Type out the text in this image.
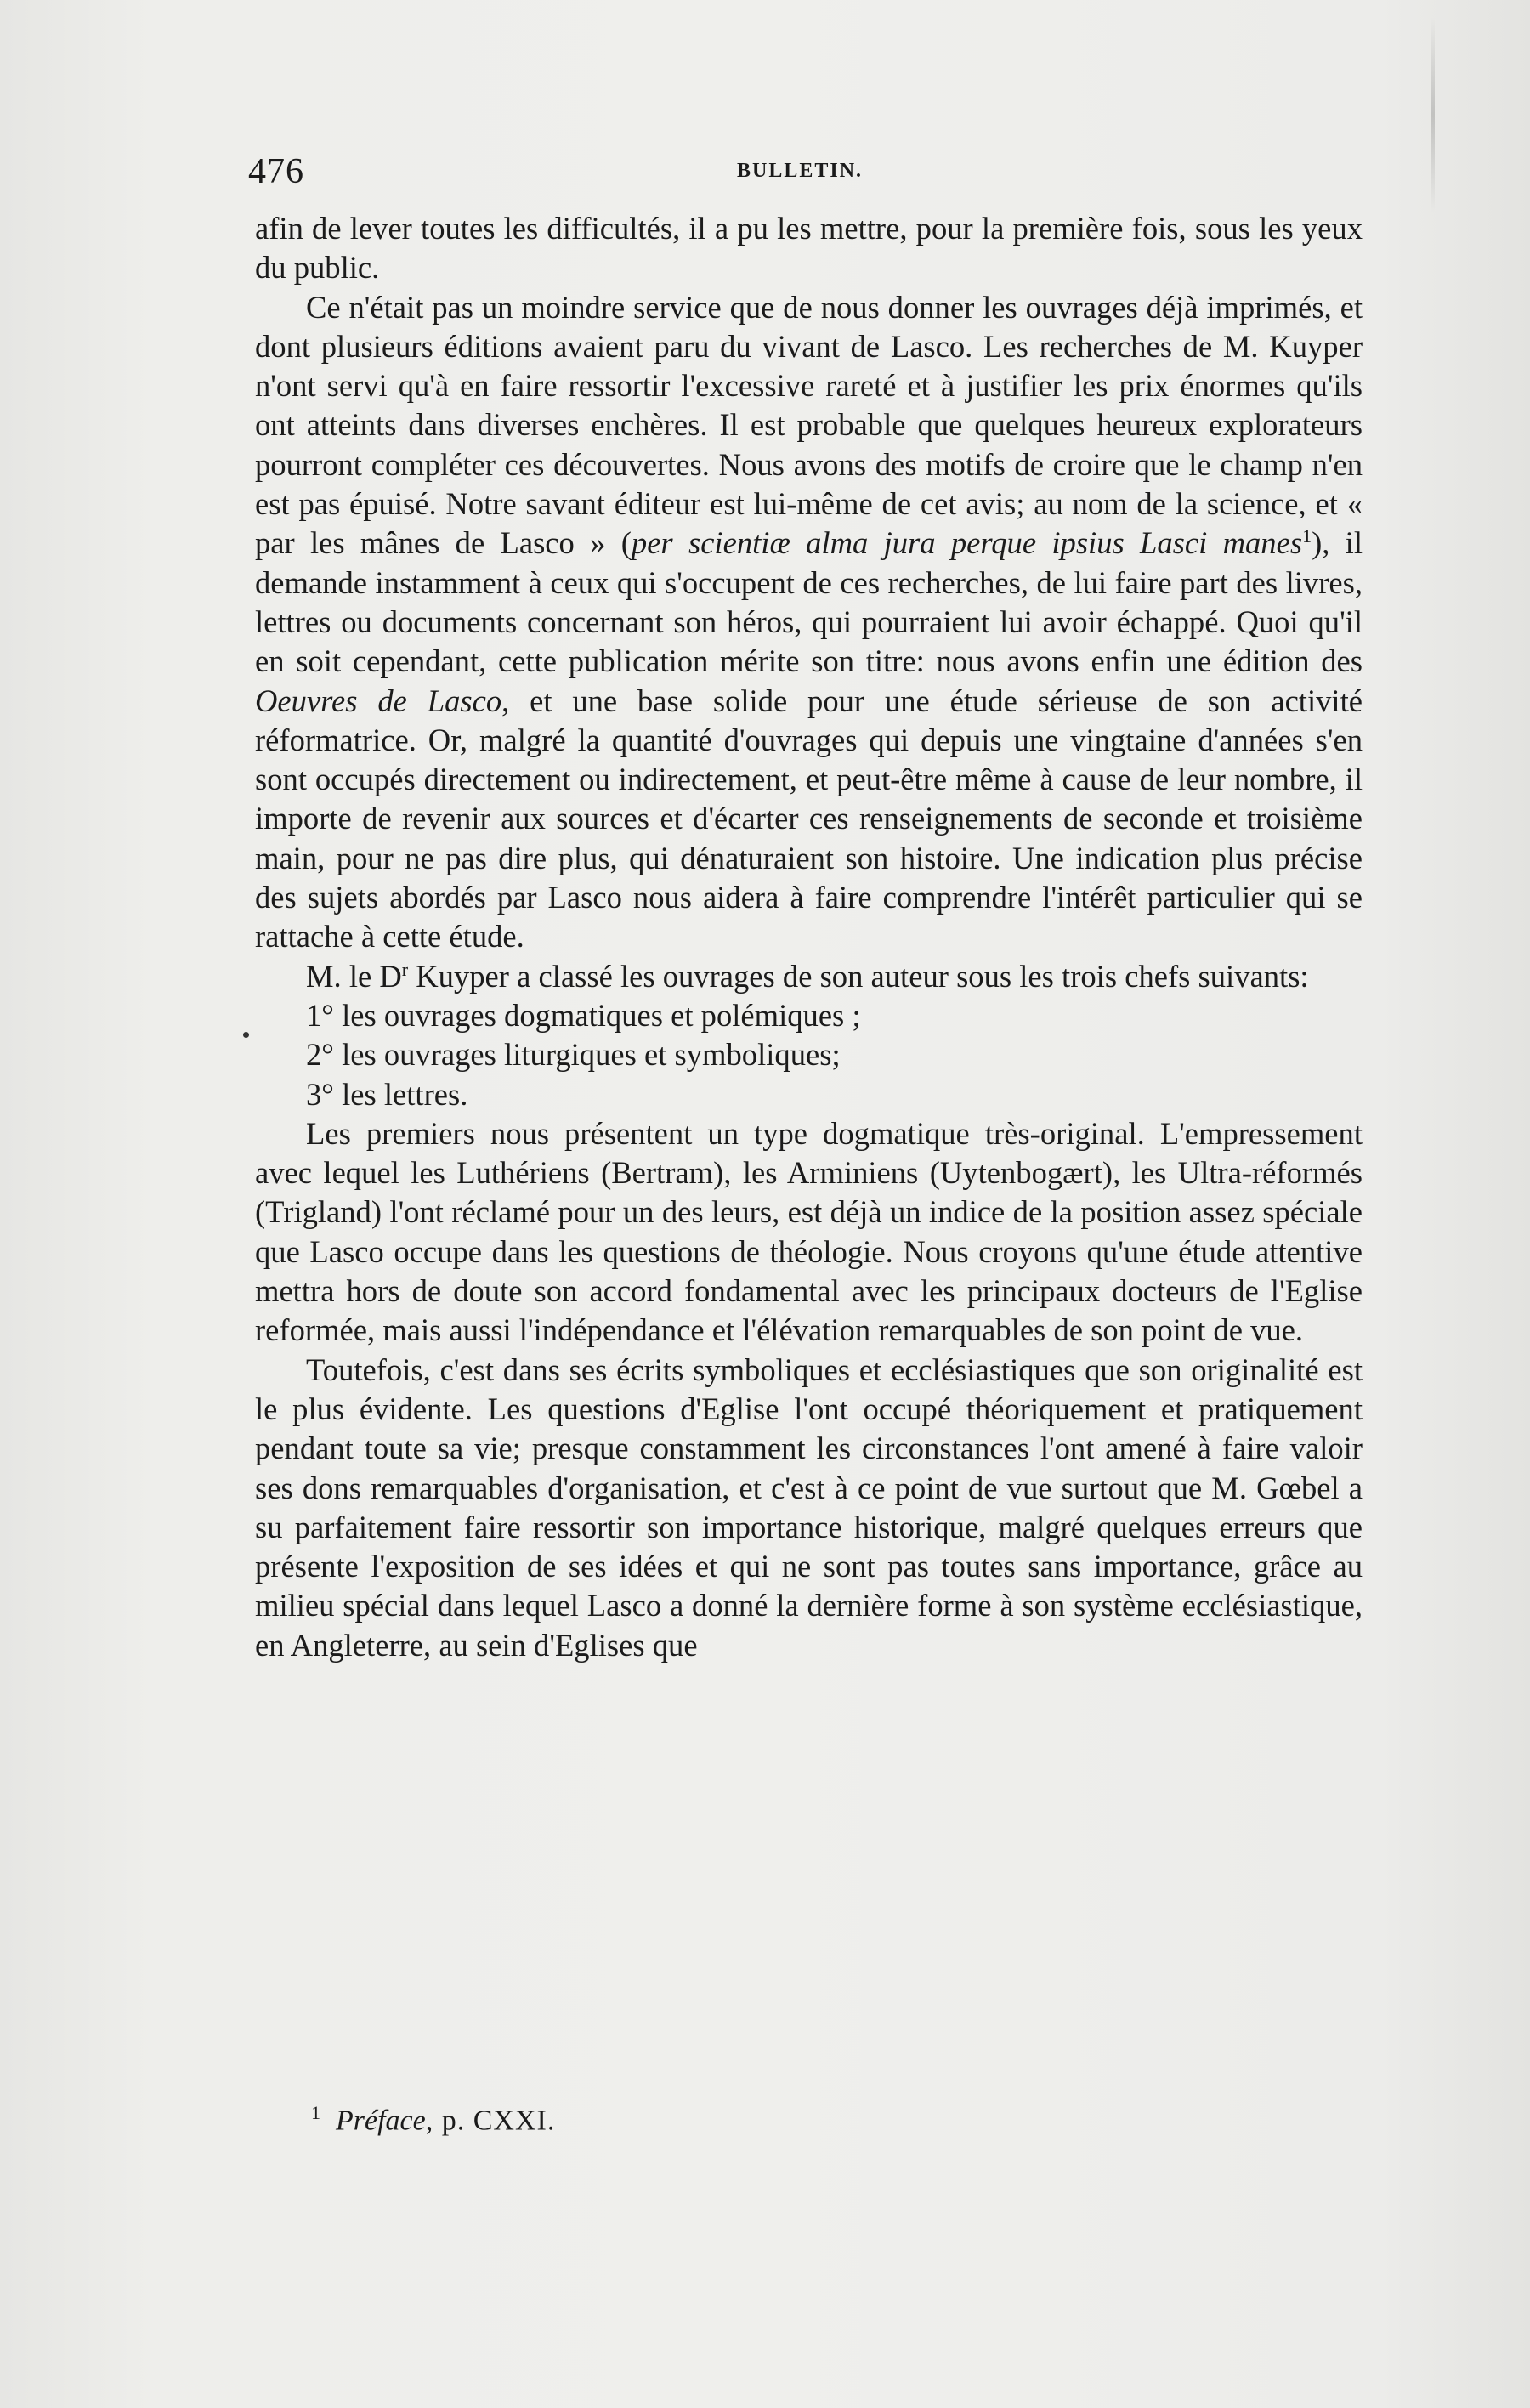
476	BULLETIN.

afin de lever toutes les difficultés, il a pu les mettre, pour la première fois, sous les yeux du public.

Ce n'était pas un moindre service que de nous donner les ouvrages déjà imprimés, et dont plusieurs éditions avaient paru du vivant de Lasco. Les recherches de M. Kuyper n'ont servi qu'à en faire ressortir l'excessive rareté et à justifier les prix énormes qu'ils ont atteints dans diverses enchères. Il est probable que quelques heureux explorateurs pourront compléter ces découvertes. Nous avons des motifs de croire que le champ n'en est pas épuisé. Notre savant éditeur est lui-même de cet avis; au nom de la science, et « par les mânes de Lasco » (per scientiæ alma jura perque ipsius Lasci manes$^1$), il demande instamment à ceux qui s'occupent de ces recherches, de lui faire part des livres, lettres ou documents concernant son héros, qui pourraient lui avoir échappé. Quoi qu'il en soit cependant, cette publication mérite son titre: nous avons enfin une édition des Oeuvres de Lasco, et une base solide pour une étude sérieuse de son activité réformatrice. Or, malgré la quantité d'ouvrages qui depuis une vingtaine d'années s'en sont occupés directement ou indirectement, et peut-être même à cause de leur nombre, il importe de revenir aux sources et d'écarter ces renseignements de seconde et troisième main, pour ne pas dire plus, qui dénaturaient son histoire. Une indication plus précise des sujets abordés par Lasco nous aidera à faire comprendre l'intérêt particulier qui se rattache à cette étude.

M. le $D^r$ Kuyper a classé les ouvrages de son auteur sous les trois chefs suivants:

1° les ouvrages dogmatiques et polémiques ;

2° les ouvrages liturgiques et symboliques;

3° les lettres.

Les premiers nous présentent un type dogmatique très-original. L'empressement avec lequel les Luthériens (Bertram), les Arminiens (Uytenbogært), les Ultra-réformés (Trigland) l'ont réclamé pour un des leurs, est déjà un indice de la position assez spéciale que Lasco occupe dans les questions de théologie. Nous croyons qu'une étude attentive mettra hors de doute son accord fondamental avec les principaux docteurs de l'Eglise reformée, mais aussi l'indépendance et l'élévation remarquables de son point de vue.

Toutefois, c'est dans ses écrits symboliques et ecclésiastiques que son originalité est le plus évidente. Les questions d'Eglise l'ont occupé théoriquement et pratiquement pendant toute sa vie; presque constamment les circonstances l'ont amené à faire valoir ses dons remarquables d'organisation, et c'est à ce point de vue surtout que M. Gœbel a su parfaitement faire ressortir son importance historique, malgré quelques erreurs que présente l'exposition de ses idées et qui ne sont pas toutes sans importance, grâce au milieu spécial dans lequel Lasco a donné la dernière forme à son système ecclésiastique, en Angleterre, au sein d'Eglises que

$^1$ Préface, p. CXXI.
